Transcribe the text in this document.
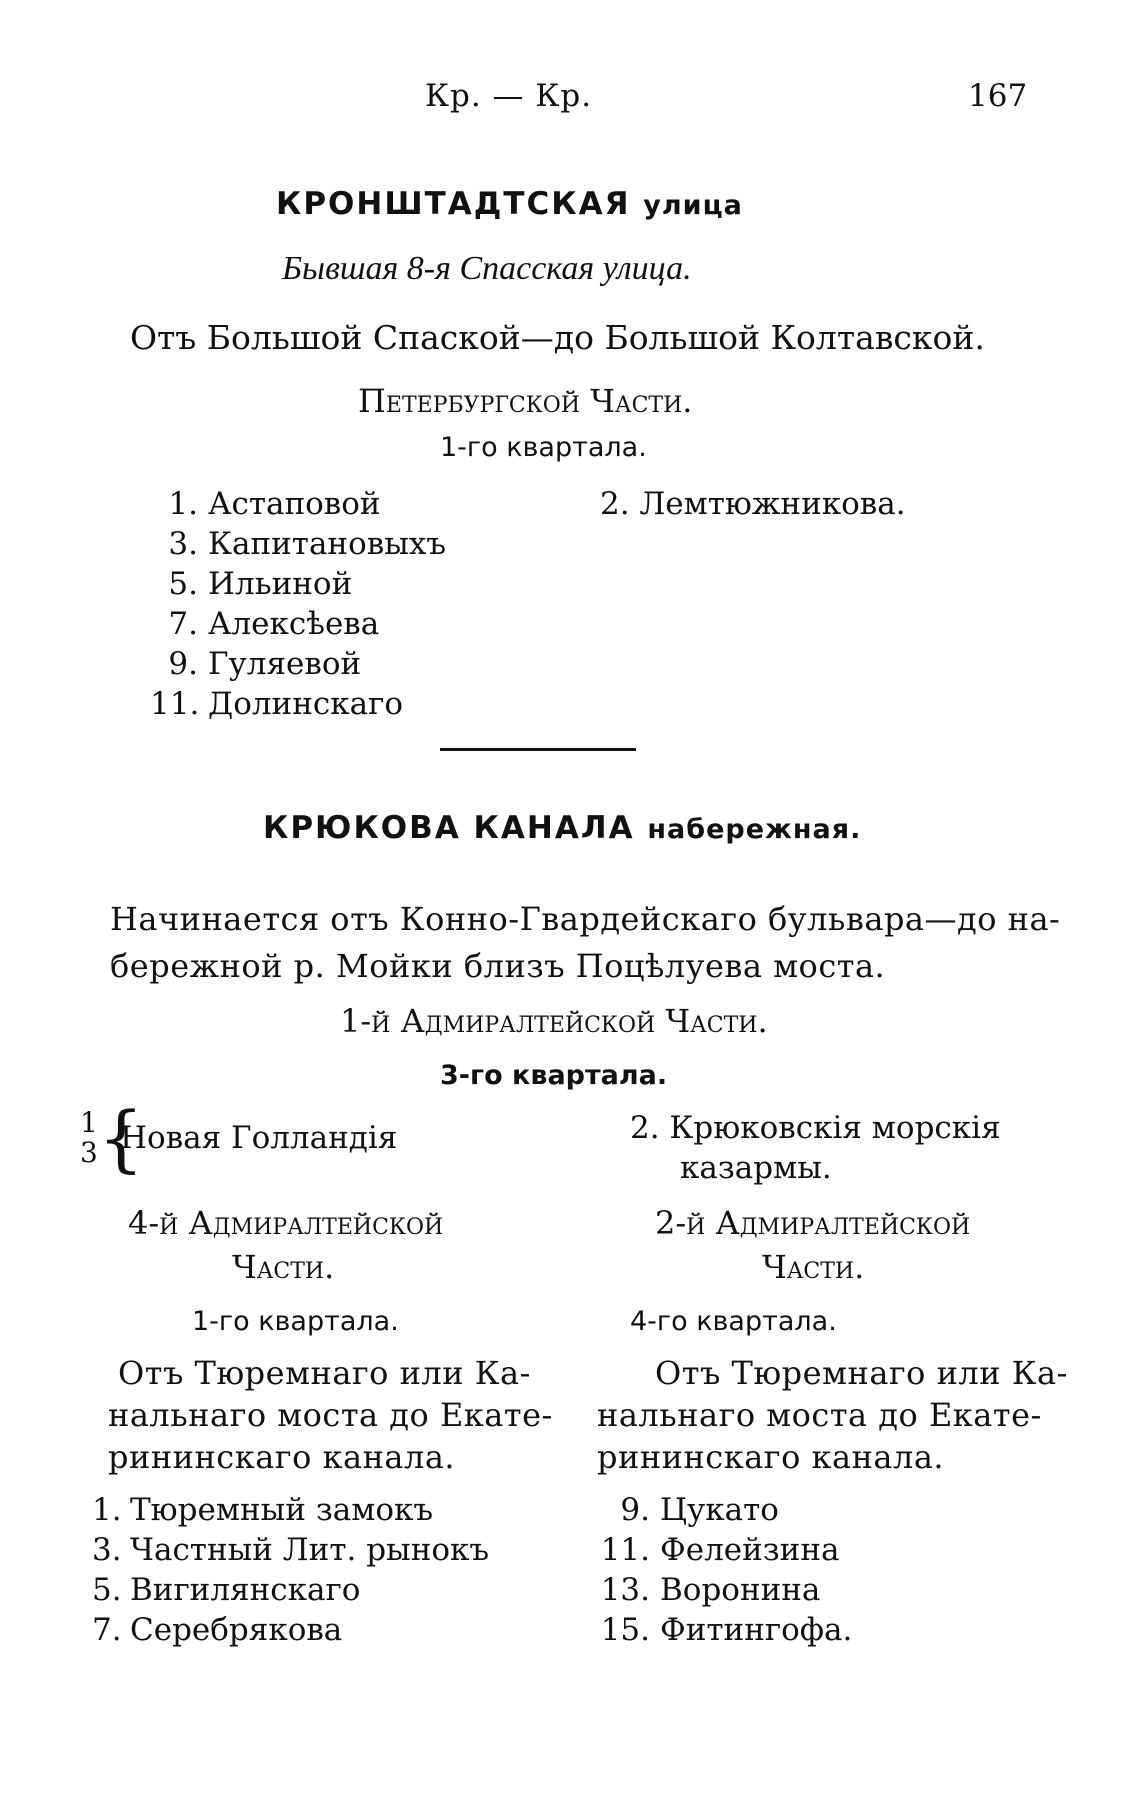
Кр. — Кр.	167
КРОНШТАДТСКАЯ улица
Бывшая 8-я Спасская улица.
Отъ Большой Спаской—до Большой Колтавской.
Петербургской Части.
1-го квартала.
1. Астаповой
3. Капитановыхъ
5. Ильиной
7. Алексѣева
9. Гуляевой
11. Долинскаго
2. Лемтюжникова.
КРЮКОВА КАНАЛА набережная.
Начинается отъ Конно-Гвардейскаго бульвара—до на-
бережной р. Мойки близъ Поцѣлуева моста.
1-й Адмиралтейской Части.
3-го квартала.
1
3 {
Новая Голландія	2. Крюковскія морскія
казармы.
4-й Адмиралтейской
Части.
1-го квартала.
Отъ Тюремнаго или Ка-
нальнаго моста до Екате-
рининскаго канала.
1. Тюремный замокъ
3. Частный Лит. рынокъ
5. Вигилянскаго
7. Серебрякова
2-й Адмиралтейской
Части.
4-го квартала.
Отъ Тюремнаго или Ка-
нальнаго моста до Екате-
рининскаго канала.
9. Цукато
11. Фелейзина
13. Воронина
15. Фитингофа.
